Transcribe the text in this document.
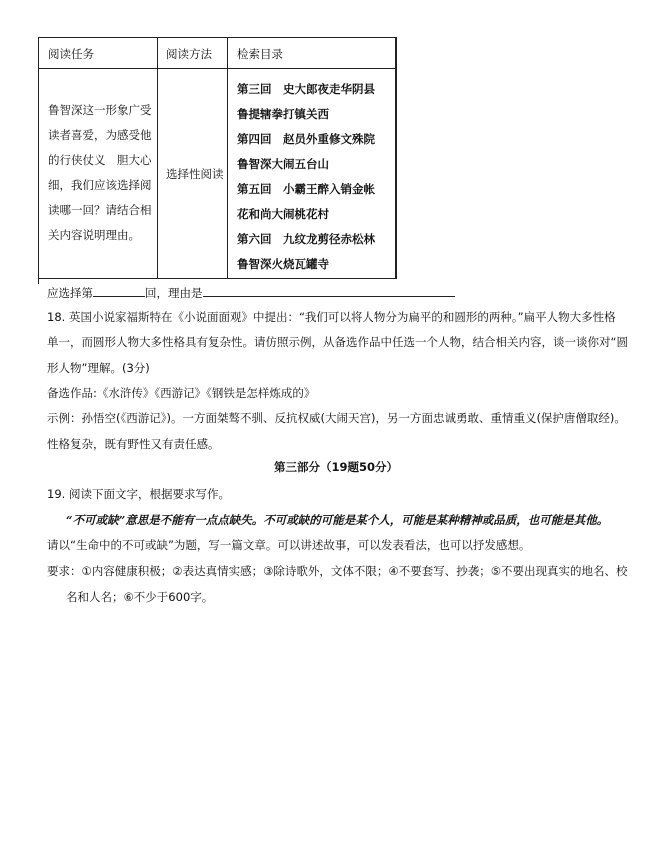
阅读任务	阅读方法 检索目录
鲁智深这一形象广受
读者喜爱，为感受他
的行侠仗义　胆大心
细，我们应该选择阅
读哪一回？请结合相
关内容说明理由。
选择性阅读
第三回　史大郎夜走华阴县
鲁提辖拳打镇关西
第四回　赵员外重修文殊院
鲁智深大闹五台山
第五回　小霸王醉入销金帐
花和尚大闹桃花村
第六回　九纹龙剪径赤松林
鲁智深火烧瓦罐寺
应选择第	回，理由是
18. 英国小说家福斯特在《小说面面观》中提出：“我们可以将人物分为扁平的和圆形的两种。”扁平人物大多性格
单一，而圆形人物大多性格具有复杂性。请仿照示例，从备选作品中任选一个人物，结合相关内容，谈一谈你对“圆
形人物”理解。(3分)
备选作品:《水浒传》《西游记》《钢铁是怎样炼成的》
示例：孙悟空(《西游记》)。一方面桀骜不驯、反抗权威(大闹天宫)，另一方面忠诚勇敢、重情重义(保护唐僧取经)。
性格复杂，既有野性又有责任感。
第三部分（19题50分）
19. 阅读下面文字，根据要求写作。
“不可或缺”意思是不能有一点点缺失。不可或缺的可能是某个人，可能是某种精神或品质，也可能是其他。
请以“生命中的不可或缺”为题，写一篇文章。可以讲述故事，可以发表看法，也可以抒发感想。
要求：①内容健康积极；②表达真情实感；③除诗歌外，文体不限；④不要套写、抄袭；⑤不要出现真实的地名、校
名和人名；⑥不少于600字。
